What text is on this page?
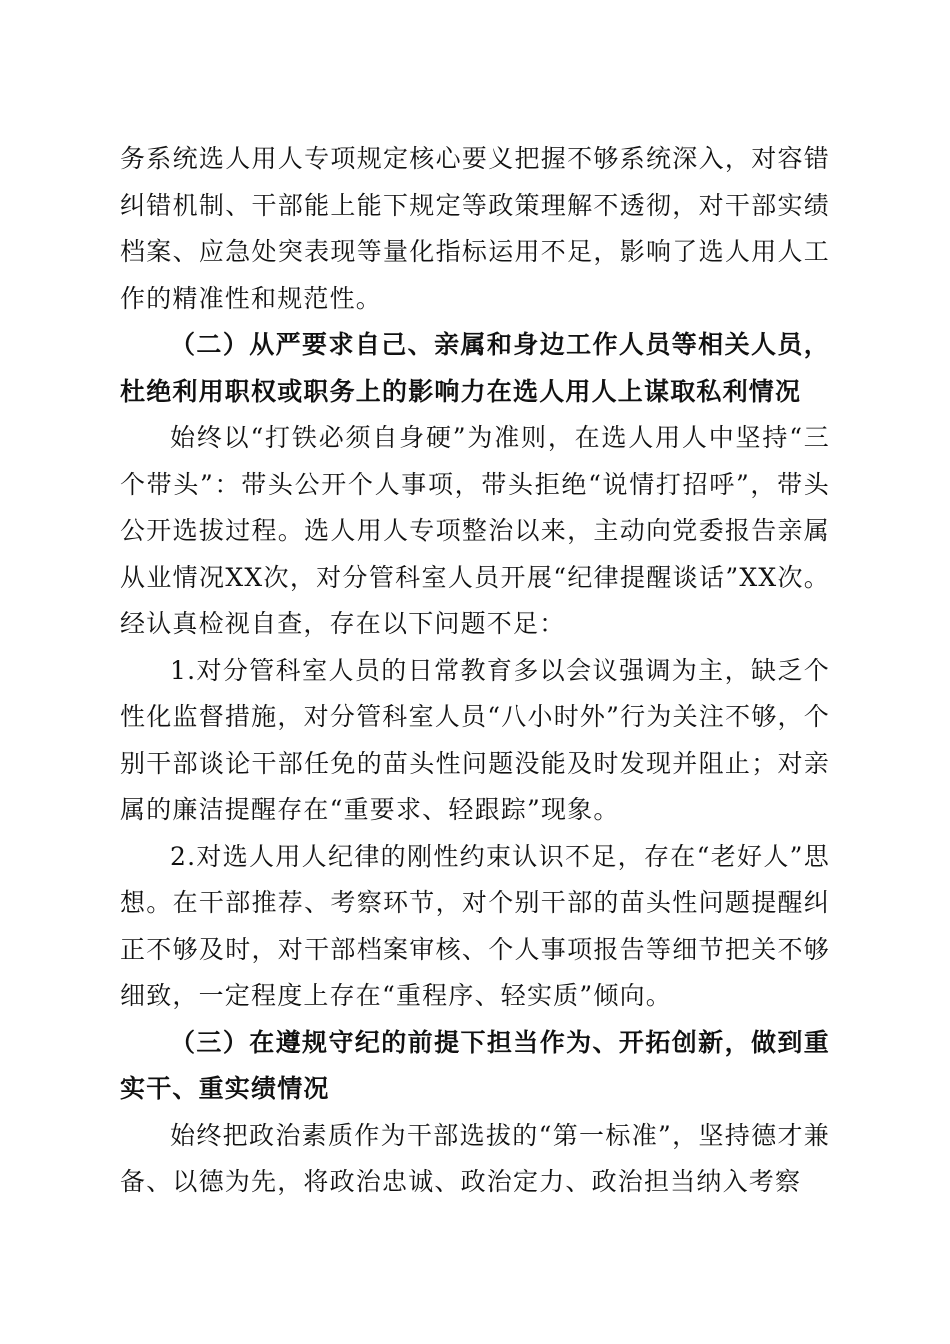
务系统选人用人专项规定核心要义把握不够系统深入，对容错纠错机制、干部能上能下规定等政策理解不透彻，对干部实绩档案、应急处突表现等量化指标运用不足，影响了选人用人工作的精准性和规范性。

（二）从严要求自己、亲属和身边工作人员等相关人员，杜绝利用职权或职务上的影响力在选人用人上谋取私利情况

始终以“打铁必须自身硬”为准则，在选人用人中坚持“三个带头”：带头公开个人事项，带头拒绝“说情打招呼”，带头公开选拔过程。选人用人专项整治以来，主动向党委报告亲属从业情况XX次，对分管科室人员开展“纪律提醒谈话”XX次。经认真检视自查，存在以下问题不足：

1.对分管科室人员的日常教育多以会议强调为主，缺乏个性化监督措施，对分管科室人员“八小时外”行为关注不够，个别干部谈论干部任免的苗头性问题没能及时发现并阻止；对亲属的廉洁提醒存在“重要求、轻跟踪”现象。

2.对选人用人纪律的刚性约束认识不足，存在“老好人”思想。在干部推荐、考察环节，对个别干部的苗头性问题提醒纠正不够及时，对干部档案审核、个人事项报告等细节把关不够细致，一定程度上存在“重程序、轻实质”倾向。

（三）在遵规守纪的前提下担当作为、开拓创新，做到重实干、重实绩情况

始终把政治素质作为干部选拔的“第一标准”，坚持德才兼备、以德为先，将政治忠诚、政治定力、政治担当纳入考察
